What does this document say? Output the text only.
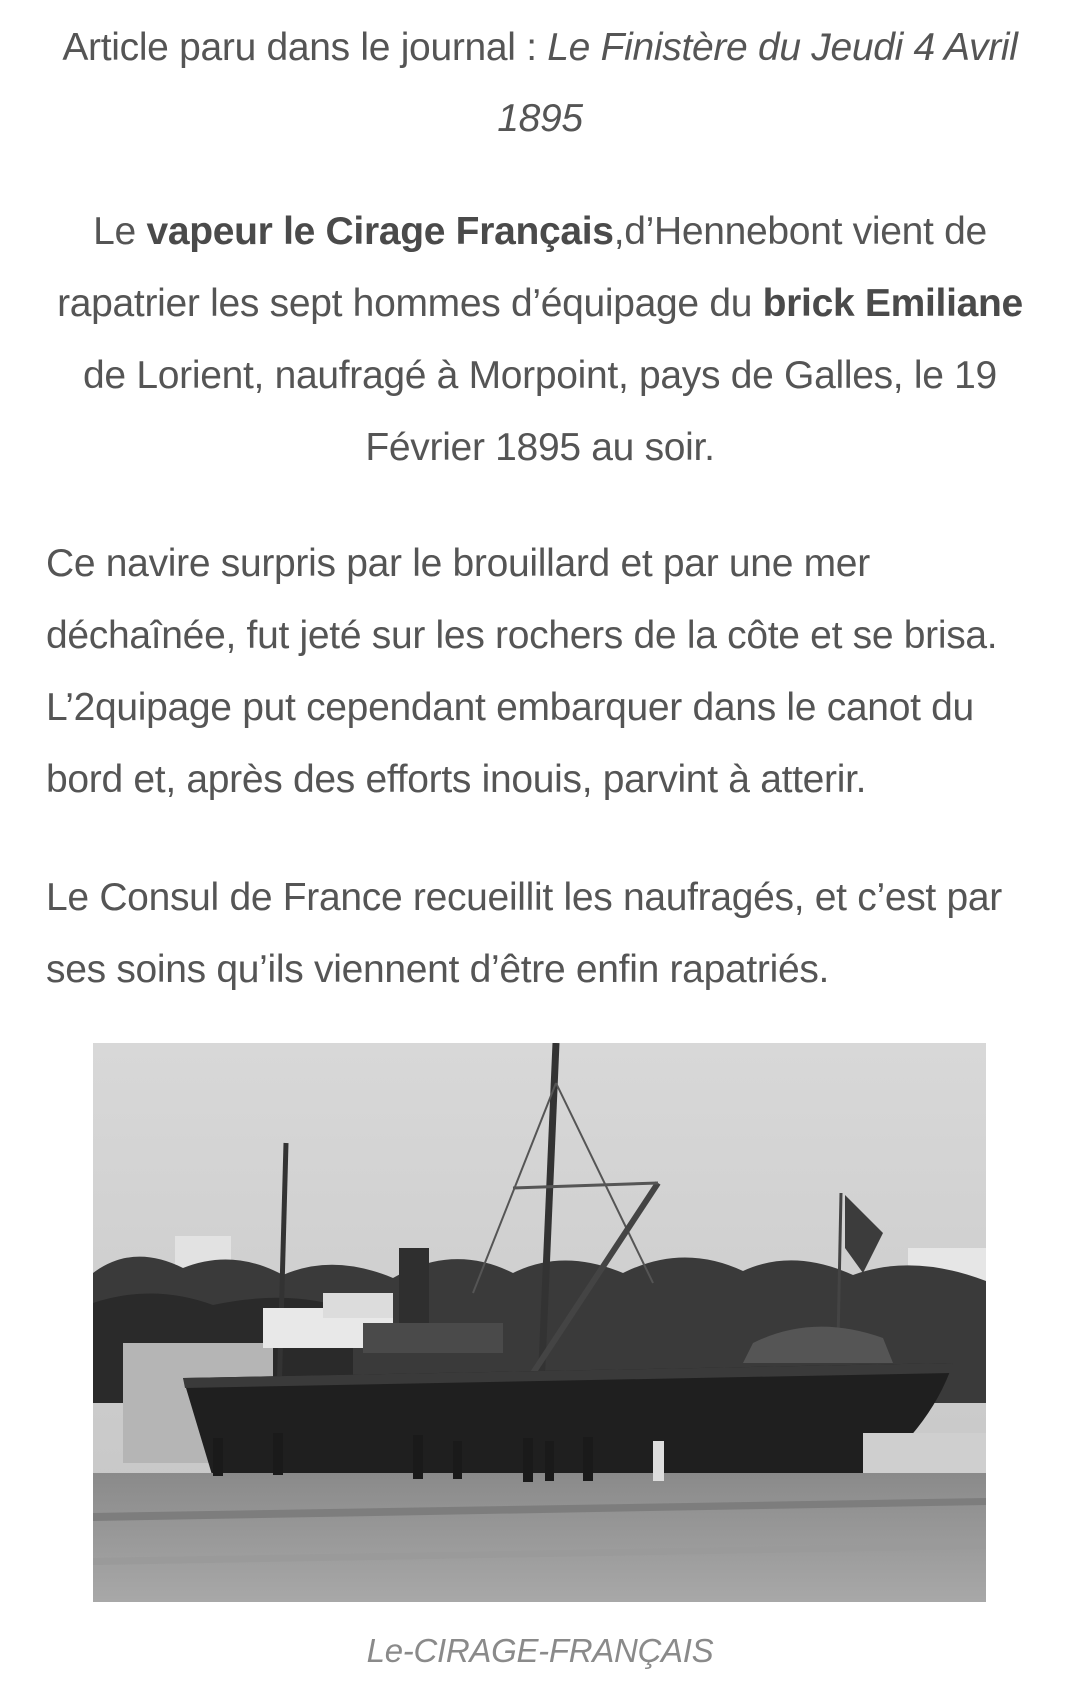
Article paru dans le journal : Le Finistère du Jeudi 4 Avril
1895

Le vapeur le Cirage Français,d’Hennebont vient de rapatrier les sept hommes d’équipage du brick Emiliane de Lorient, naufragé à Morpoint, pays de Galles, le 19 Février 1895 au soir.

Ce navire surpris par le brouillard et par une mer déchaînée, fut jeté sur les rochers de la côte et se brisa. L’2quipage put cependant embarquer dans le canot du bord et, après des efforts inouis, parvint à atterir.

Le Consul de France recueillit les naufragés, et c’est par ses soins qu’ils viennent d’être enfin rapatriés.

Le-CIRAGE-FRANÇAIS
